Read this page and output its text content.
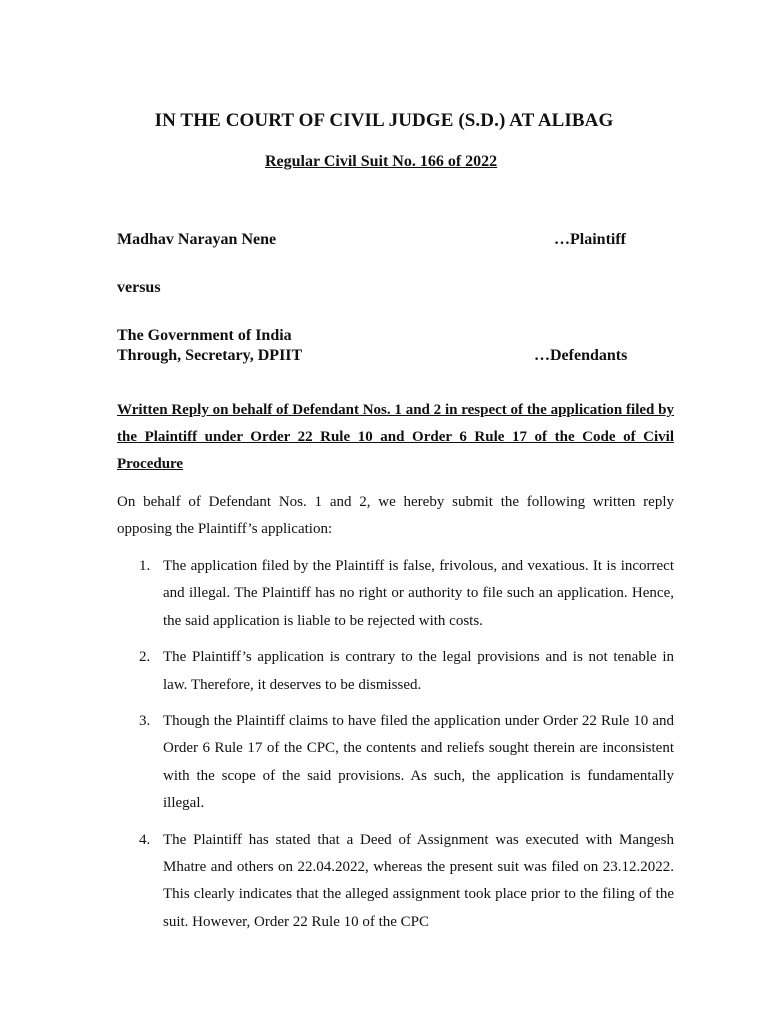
IN THE COURT OF CIVIL JUDGE (S.D.) AT ALIBAG
Regular Civil Suit No. 166 of 2022
Madhav Narayan Nene	…Plaintiff
versus
The Government of India
Through, Secretary, DPIIT	…Defendants
Written Reply on behalf of Defendant Nos. 1 and 2 in respect of the application filed by the Plaintiff under Order 22 Rule 10 and Order 6 Rule 17 of the Code of Civil Procedure
On behalf of Defendant Nos. 1 and 2, we hereby submit the following written reply opposing the Plaintiff’s application:
1. The application filed by the Plaintiff is false, frivolous, and vexatious. It is incorrect and illegal. The Plaintiff has no right or authority to file such an application. Hence, the said application is liable to be rejected with costs.
2. The Plaintiff’s application is contrary to the legal provisions and is not tenable in law. Therefore, it deserves to be dismissed.
3. Though the Plaintiff claims to have filed the application under Order 22 Rule 10 and Order 6 Rule 17 of the CPC, the contents and reliefs sought therein are inconsistent with the scope of the said provisions. As such, the application is fundamentally illegal.
4. The Plaintiff has stated that a Deed of Assignment was executed with Mangesh Mhatre and others on 22.04.2022, whereas the present suit was filed on 23.12.2022. This clearly indicates that the alleged assignment took place prior to the filing of the suit. However, Order 22 Rule 10 of the CPC
